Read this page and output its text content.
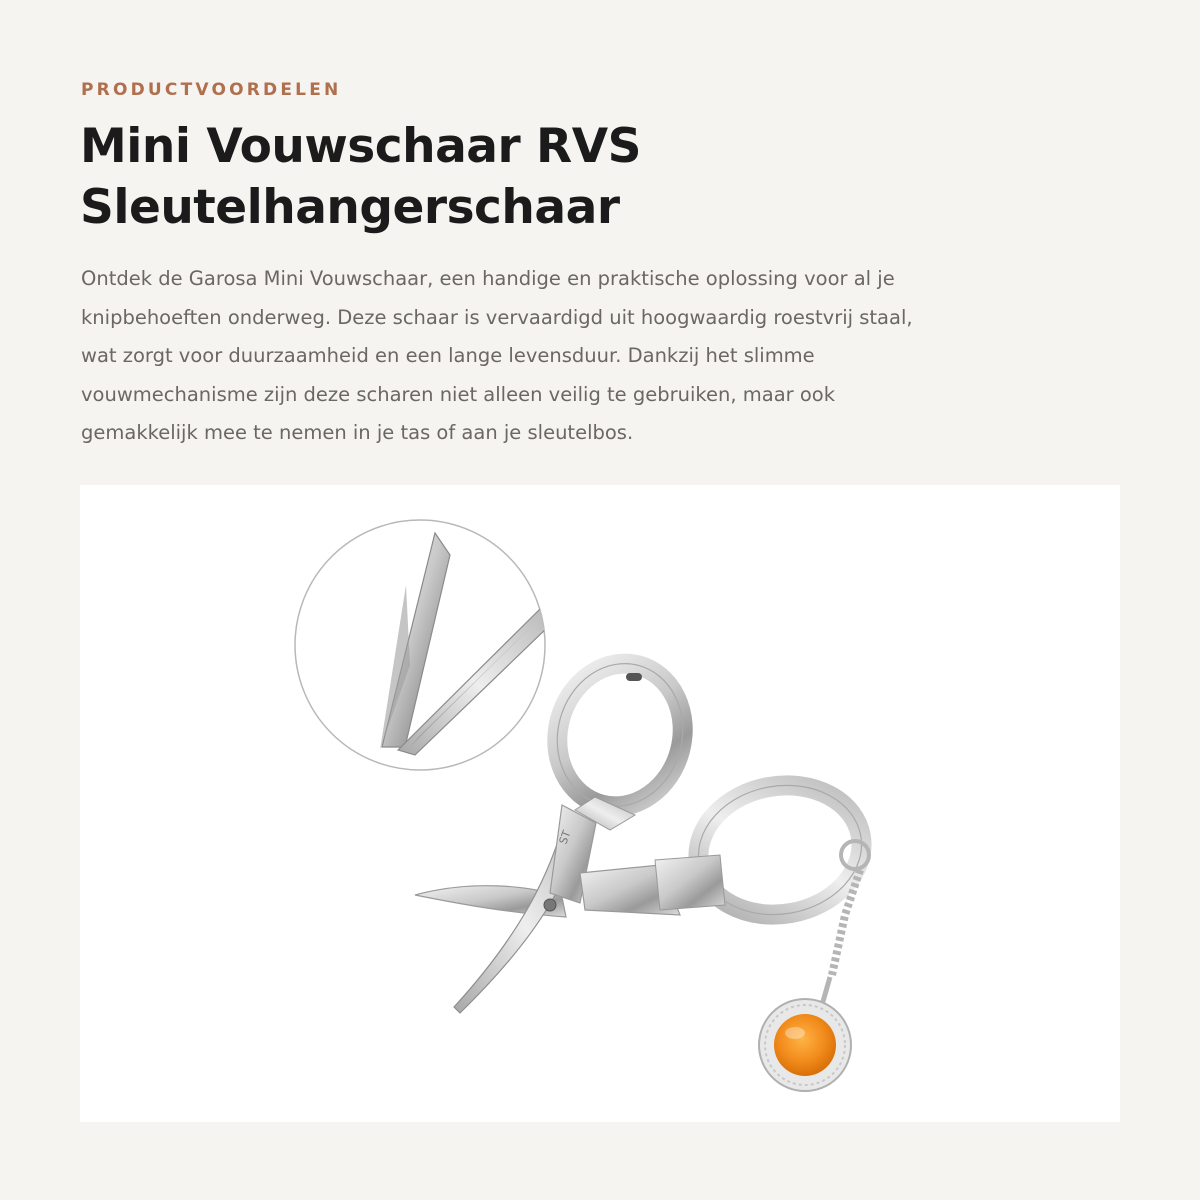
PRODUCTVOORDELEN
Mini Vouwschaar RVS
Sleutelhangerschaar

Ontdek de Garosa Mini Vouwschaar, een handige en praktische oplossing voor al je
knipbehoeften onderweg. Deze schaar is vervaardigd uit hoogwaardig roestvrij staal,
wat zorgt voor duurzaamheid en een lange levensduur. Dankzij het slimme
vouwmechanisme zijn deze scharen niet alleen veilig te gebruiken, maar ook
gemakkelijk mee te nemen in je tas of aan je sleutelbos.

ST
